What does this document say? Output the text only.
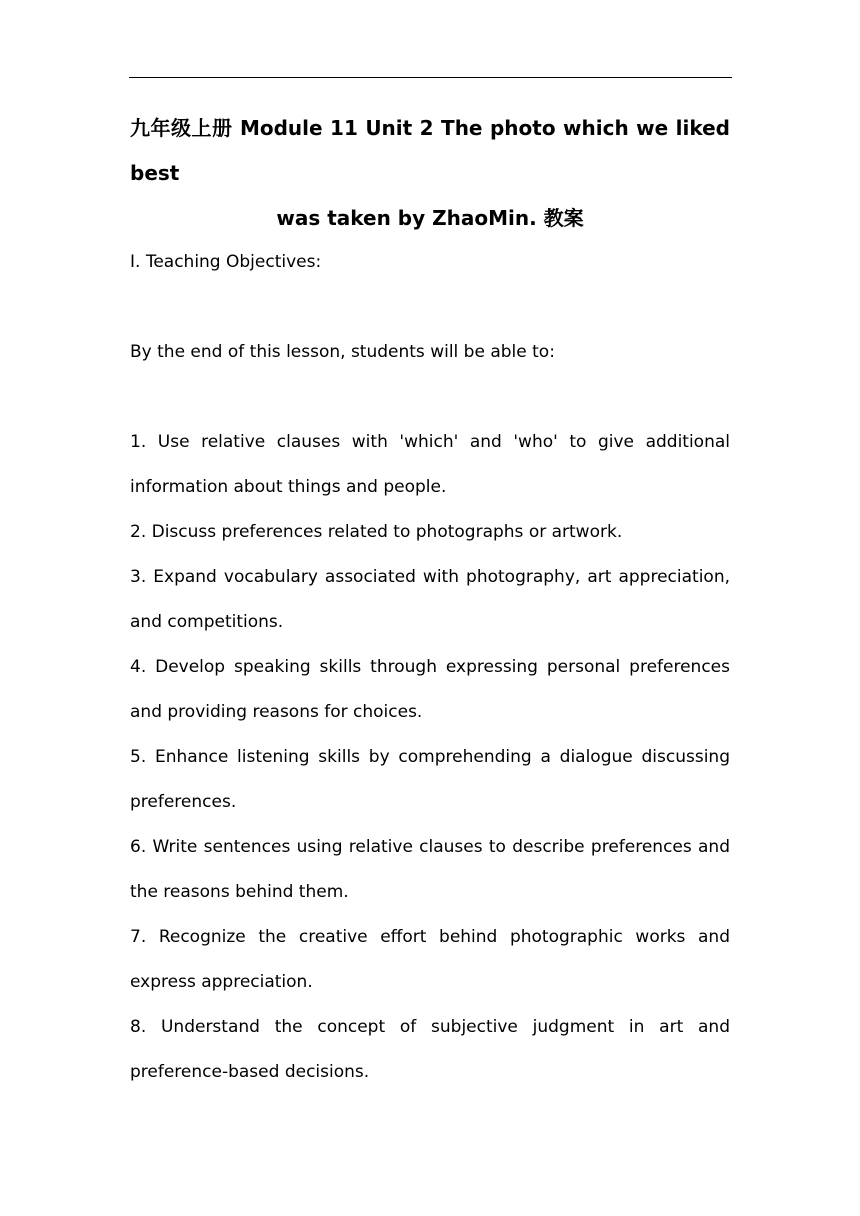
九年级上册 Module 11 Unit 2 The photo which we liked best
was taken by ZhaoMin. 教案
I. Teaching Objectives:
By the end of this lesson, students will be able to:
1. Use relative clauses with 'which' and 'who' to give additional information about things and people.
2. Discuss preferences related to photographs or artwork.
3. Expand vocabulary associated with photography, art appreciation, and competitions.
4. Develop speaking skills through expressing personal preferences and providing reasons for choices.
5. Enhance listening skills by comprehending a dialogue discussing preferences.
6. Write sentences using relative clauses to describe preferences and the reasons behind them.
7. Recognize the creative effort behind photographic works and express appreciation.
8. Understand the concept of subjective judgment in art and preference-based decisions.
